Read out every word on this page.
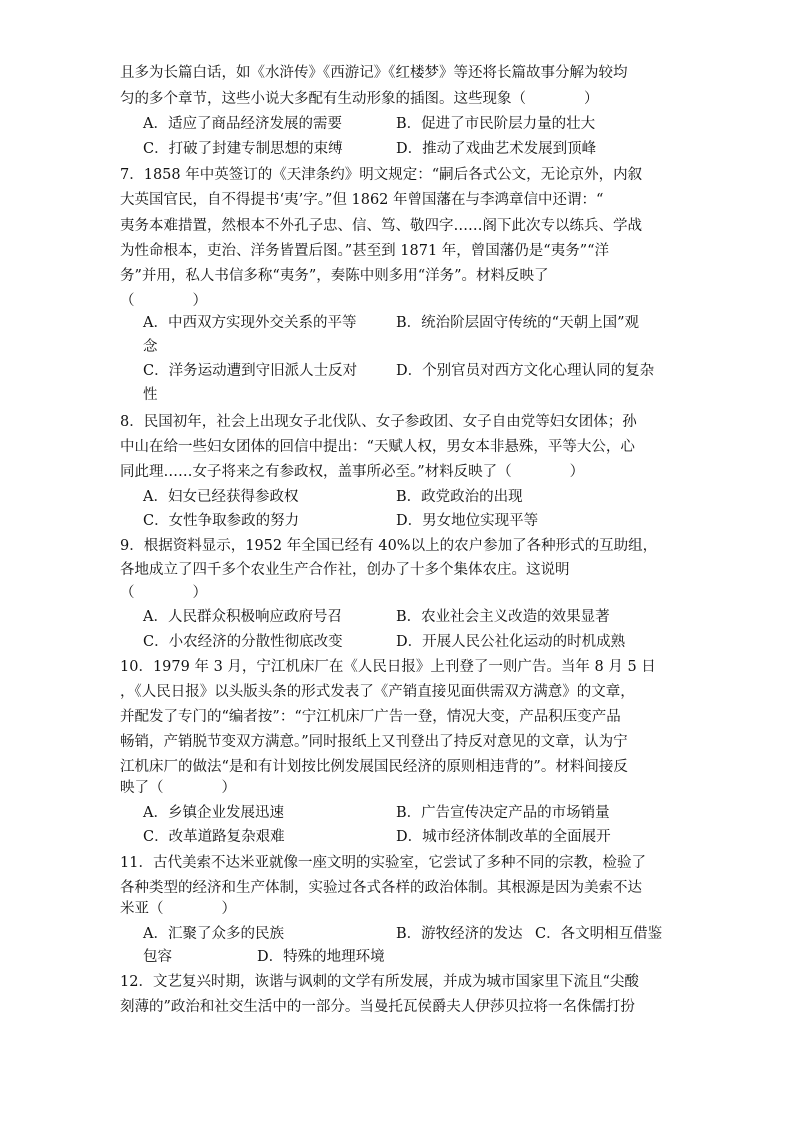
且多为长篇白话，如《水浒传》《西游记》《红楼梦》等还将长篇故事分解为较均
匀的多个章节，这些小说大多配有生动形象的插图。这些现象（　　　　）
A．适应了商品经济发展的需要	B．促进了市民阶层力量的壮大
C．打破了封建专制思想的束缚	D．推动了戏曲艺术发展到顶峰
7．1858 年中英签订的《天津条约》明文规定：“嗣后各式公文，无论京外，内叙
大英国官民，自不得提书‘夷’字。”但 1862 年曾国藩在与李鸿章信中还谓：“
夷务本难措置，然根本不外孔子忠、信、笃、敬四字……阁下此次专以练兵、学战
为性命根本，吏治、洋务皆置后图。”甚至到 1871 年，曾国藩仍是“夷务”“洋
务”并用，私人书信多称“夷务”，奏陈中则多用“洋务”。材料反映了
（　　　　）
A．中西双方实现外交关系的平等	B．统治阶层固守传统的“天朝上国”观
念
C．洋务运动遭到守旧派人士反对	D．个别官员对西方文化心理认同的复杂
性
8．民国初年，社会上出现女子北伐队、女子参政团、女子自由党等妇女团体；孙
中山在给一些妇女团体的回信中提出：“天赋人权，男女本非悬殊，平等大公，心
同此理……女子将来之有参政权，盖事所必至。”材料反映了（　　　　）
A．妇女已经获得参政权	B．政党政治的出现
C．女性争取参政的努力	D．男女地位实现平等
9．根据资料显示，1952 年全国已经有 40%以上的农户参加了各种形式的互助组，
各地成立了四千多个农业生产合作社，创办了十多个集体农庄。这说明
（　　　　）
A．人民群众积极响应政府号召	B．农业社会主义改造的效果显著
C．小农经济的分散性彻底改变	D．开展人民公社化运动的时机成熟
10．1979 年 3 月，宁江机床厂在《人民日报》上刊登了一则广告。当年 8 月 5 日
，《人民日报》以头版头条的形式发表了《产销直接见面供需双方满意》的文章，
并配发了专门的“编者按”：“宁江机床厂广告一登，情况大变，产品积压变产品
畅销，产销脱节变双方满意。”同时报纸上又刊登出了持反对意见的文章，认为宁
江机床厂的做法“是和有计划按比例发展国民经济的原则相违背的”。材料间接反
映了（　　　　）
A．乡镇企业发展迅速	B．广告宣传决定产品的市场销量
C．改革道路复杂艰难	D．城市经济体制改革的全面展开
11．古代美索不达米亚就像一座文明的实验室，它尝试了多种不同的宗教，检验了
各种类型的经济和生产体制，实验过各式各样的政治体制。其根源是因为美索不达
米亚（　　　　）
A．汇聚了众多的民族	B．游牧经济的发达 C．各文明相互借鉴
包容	D．特殊的地理环境
12．文艺复兴时期，诙谐与讽刺的文学有所发展，并成为城市国家里下流且“尖酸
刻薄的”政治和社交生活中的一部分。当曼托瓦侯爵夫人伊莎贝拉将一名侏儒打扮
